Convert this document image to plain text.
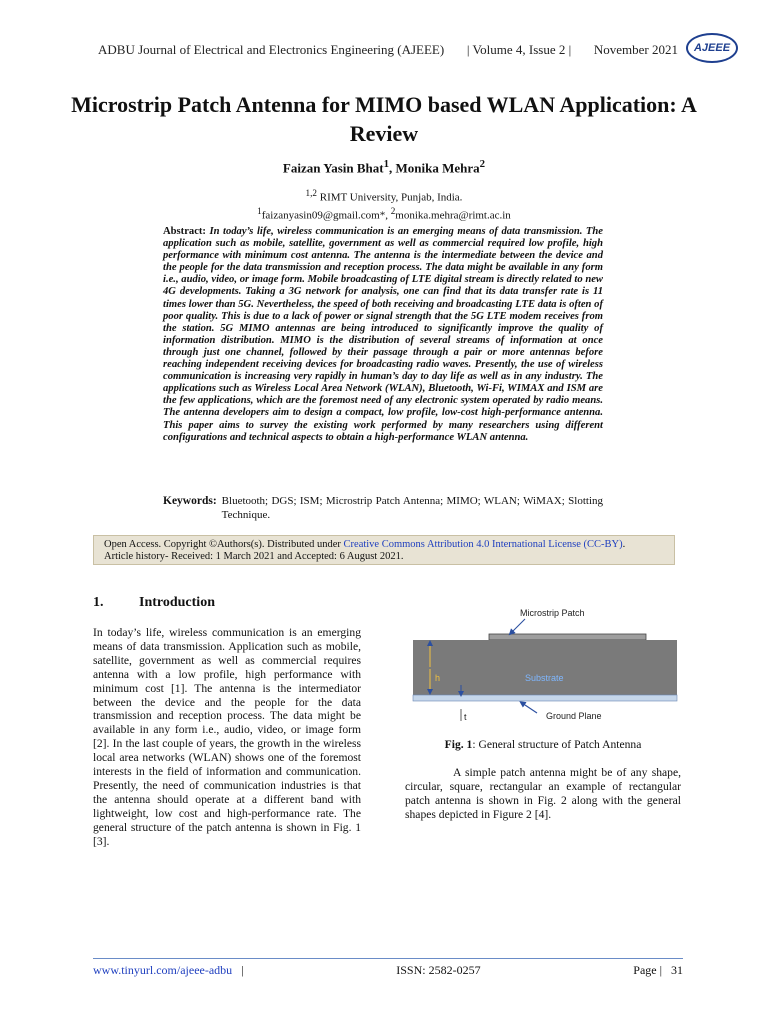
ADBU Journal of Electrical and Electronics Engineering (AJEEE) | Volume 4, Issue 2 | November 2021 AJEEE
Microstrip Patch Antenna for MIMO based WLAN Application: A Review
Faizan Yasin Bhat$^1$, Monika Mehra$^2$
$^{1,2}$ RIMT University, Punjab, India.
$^1$faizanyasin09@gmail.com*, $^2$monika.mehra@rimt.ac.in
Abstract: In today’s life, wireless communication is an emerging means of data transmission. The application such as mobile, satellite, government as well as commercial required low profile, high performance with minimum cost antenna. The antenna is the intermediate between the device and the people for the data transmission and reception process. The data might be available in any form i.e., audio, video, or image form. Mobile broadcasting of LTE digital stream is directly related to new 4G developments. Taking a 3G network for analysis, one can find that its data transfer rate is 11 times lower than 5G. Nevertheless, the speed of both receiving and broadcasting LTE data is often of poor quality. This is due to a lack of power or signal strength that the 5G LTE modem receives from the station. 5G MIMO antennas are being introduced to significantly improve the quality of information distribution. MIMO is the distribution of several streams of information at once through just one channel, followed by their passage through a pair or more antennas before reaching independent receiving devices for broadcasting radio waves. Presently, the use of wireless communication is increasing very rapidly in human’s day to day life as well as in any industry. The applications such as Wireless Local Area Network (WLAN), Bluetooth, Wi-Fi, WIMAX and ISM are the few applications, which are the foremost need of any electronic system operated by radio means. The antenna developers aim to design a compact, low profile, low-cost high-performance antenna. This paper aims to survey the existing work performed by many researchers using different configurations and technical aspects to obtain a high-performance WLAN antenna.
Keywords: Bluetooth; DGS; ISM; Microstrip Patch Antenna; MIMO; WLAN; WiMAX; Slotting Technique.
Open Access. Copyright ©Authors(s). Distributed under Creative Commons Attribution 4.0 International License (CC-BY).
Article history- Received: 1 March 2021 and Accepted: 6 August 2021.
1.	Introduction
In today’s life, wireless communication is an emerging means of data transmission. Application such as mobile, satellite, government as well as commercial requires antenna with a low profile, high performance with minimum cost [1]. The antenna is the intermediator between the device and the people for the data transmission and reception process. The data might be available in any form i.e., audio, video, or image form [2]. In the last couple of years, the growth in the wireless local area networks (WLAN) shows one of the foremost interests in the field of information and communication. Presently, the need of communication industries is that the antenna should operate at a different band with lightweight, low cost and high-performance rate. The general structure of the patch antenna is shown in Fig. 1 [3].
Microstrip Patch
h	Substrate
t	Ground Plane
Fig. 1: General structure of Patch Antenna
A simple patch antenna might be of any shape, circular, square, rectangular an example of rectangular patch antenna is shown in Fig. 2 along with the general shapes depicted in Figure 2 [4].
www.tinyurl.com/ajeee-adbu |	ISSN: 2582-0257	Page | 31
